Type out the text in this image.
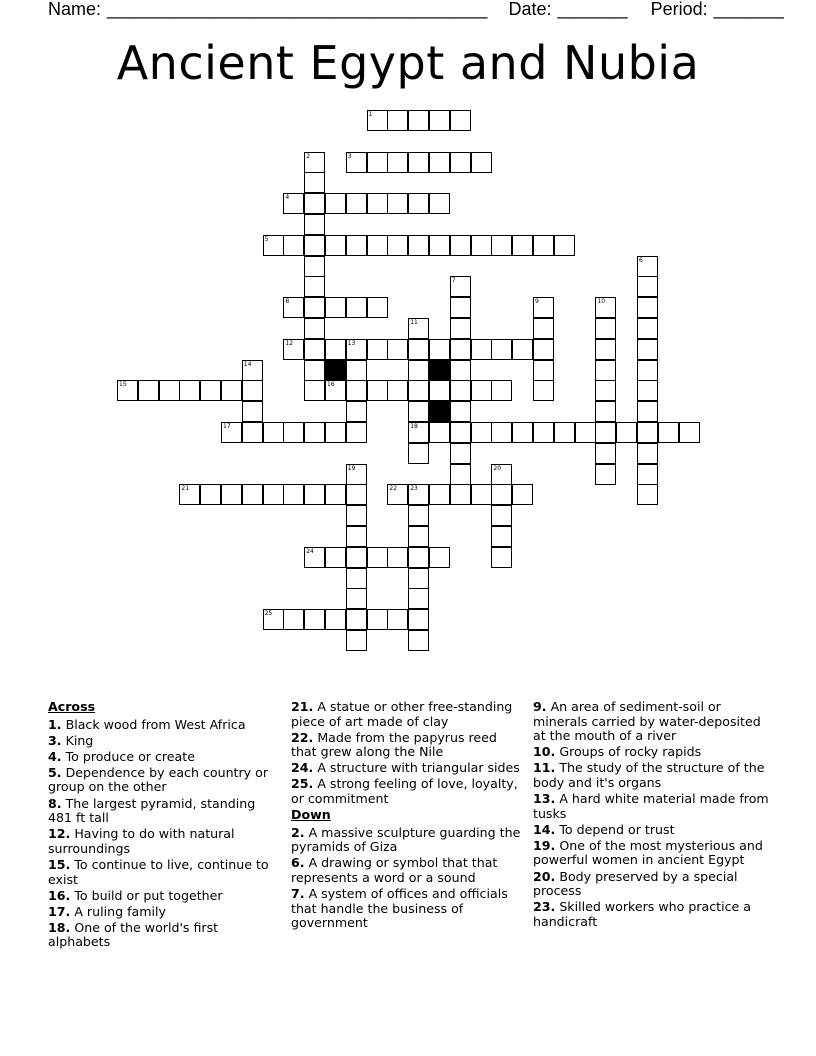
Name: ______________________________________ Date: _______ Period: _______
Ancient Egypt and Nubia
1
2	3
4
5
6
7
8	9	10
11
18
12	13
14
15	16
17
19	20
21	22 23
24
25
Across
1. Black wood from West Africa
3. King
4. To produce or create
5. Dependence by each country or group on the other
8. The largest pyramid, standing 481 ft tall
12. Having to do with natural surroundings
15. To continue to live, continue to exist
16. To build or put together
17. A ruling family
18. One of the world's first alphabets
21. A statue or other free-standing piece of art made of clay
22. Made from the papyrus reed that grew along the Nile
24. A structure with triangular sides
25. A strong feeling of love, loyalty, or commitment
Down
2. A massive sculpture guarding the pyramids of Giza
6. A drawing or symbol that that represents a word or a sound
7. A system of offices and officials that handle the business of government
9. An area of sediment-soil or minerals carried by water-deposited at the mouth of a river
10. Groups of rocky rapids
11. The study of the structure of the body and it's organs
13. A hard white material made from tusks
14. To depend or trust
19. One of the most mysterious and powerful women in ancient Egypt
20. Body preserved by a special process
23. Skilled workers who practice a handicraft
